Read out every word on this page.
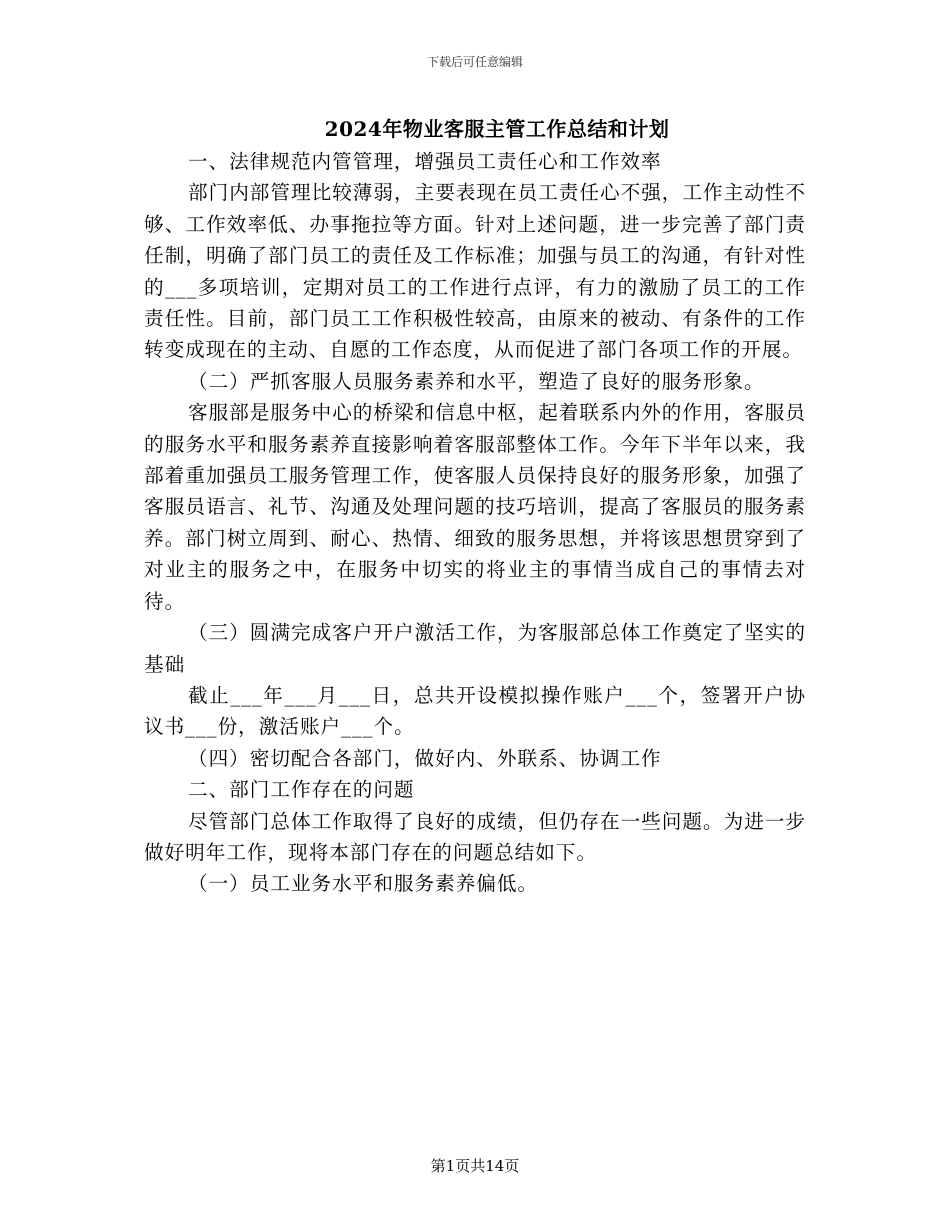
下载后可任意编辑
2024年物业客服主管工作总结和计划

一、法律规范内管管理，增强员工责任心和工作效率

部门内部管理比较薄弱，主要表现在员工责任心不强，工作主动性不够、工作效率低、办事拖拉等方面。针对上述问题，进一步完善了部门责任制，明确了部门员工的责任及工作标准；加强与员工的沟通，有针对性的___多项培训，定期对员工的工作进行点评，有力的激励了员工的工作责任性。目前，部门员工工作积极性较高，由原来的被动、有条件的工作转变成现在的主动、自愿的工作态度，从而促进了部门各项工作的开展。

（二）严抓客服人员服务素养和水平，塑造了良好的服务形象。

客服部是服务中心的桥梁和信息中枢，起着联系内外的作用，客服员的服务水平和服务素养直接影响着客服部整体工作。今年下半年以来，我部着重加强员工服务管理工作，使客服人员保持良好的服务形象，加强了客服员语言、礼节、沟通及处理问题的技巧培训，提高了客服员的服务素养。部门树立周到、耐心、热情、细致的服务思想，并将该思想贯穿到了对业主的服务之中，在服务中切实的将业主的事情当成自己的事情去对待。

（三）圆满完成客户开户激活工作，为客服部总体工作奠定了坚实的基础

截止___年___月___日，总共开设模拟操作账户___个，签署开户协议书___份，激活账户___个。

（四）密切配合各部门，做好内、外联系、协调工作

二、部门工作存在的问题

尽管部门总体工作取得了良好的成绩，但仍存在一些问题。为进一步做好明年工作，现将本部门存在的问题总结如下。

（一）员工业务水平和服务素养偏低。

第1页共14页
